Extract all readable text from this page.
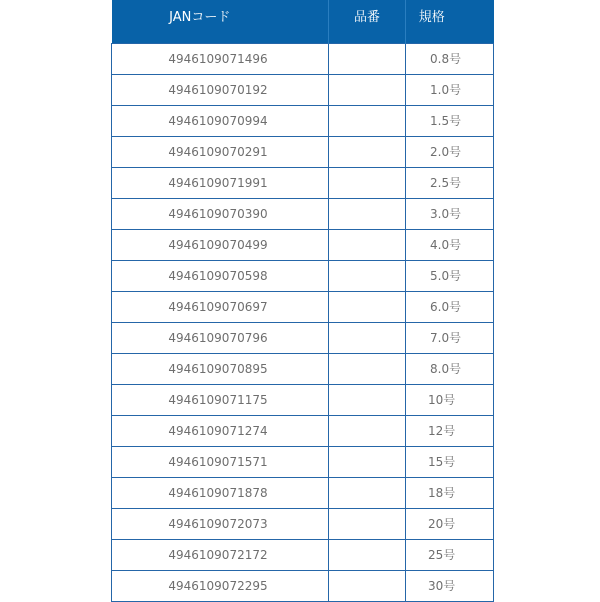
JANコード	品番	規格
4946109071496		0.8号
4946109070192		1.0号
4946109070994		1.5号
4946109070291		2.0号
4946109071991		2.5号
4946109070390		3.0号
4946109070499		4.0号
4946109070598		5.0号
4946109070697		6.0号
4946109070796		7.0号
4946109070895		8.0号
4946109071175		10号
4946109071274		12号
4946109071571		15号
4946109071878		18号
4946109072073		20号
4946109072172		25号
4946109072295		30号
